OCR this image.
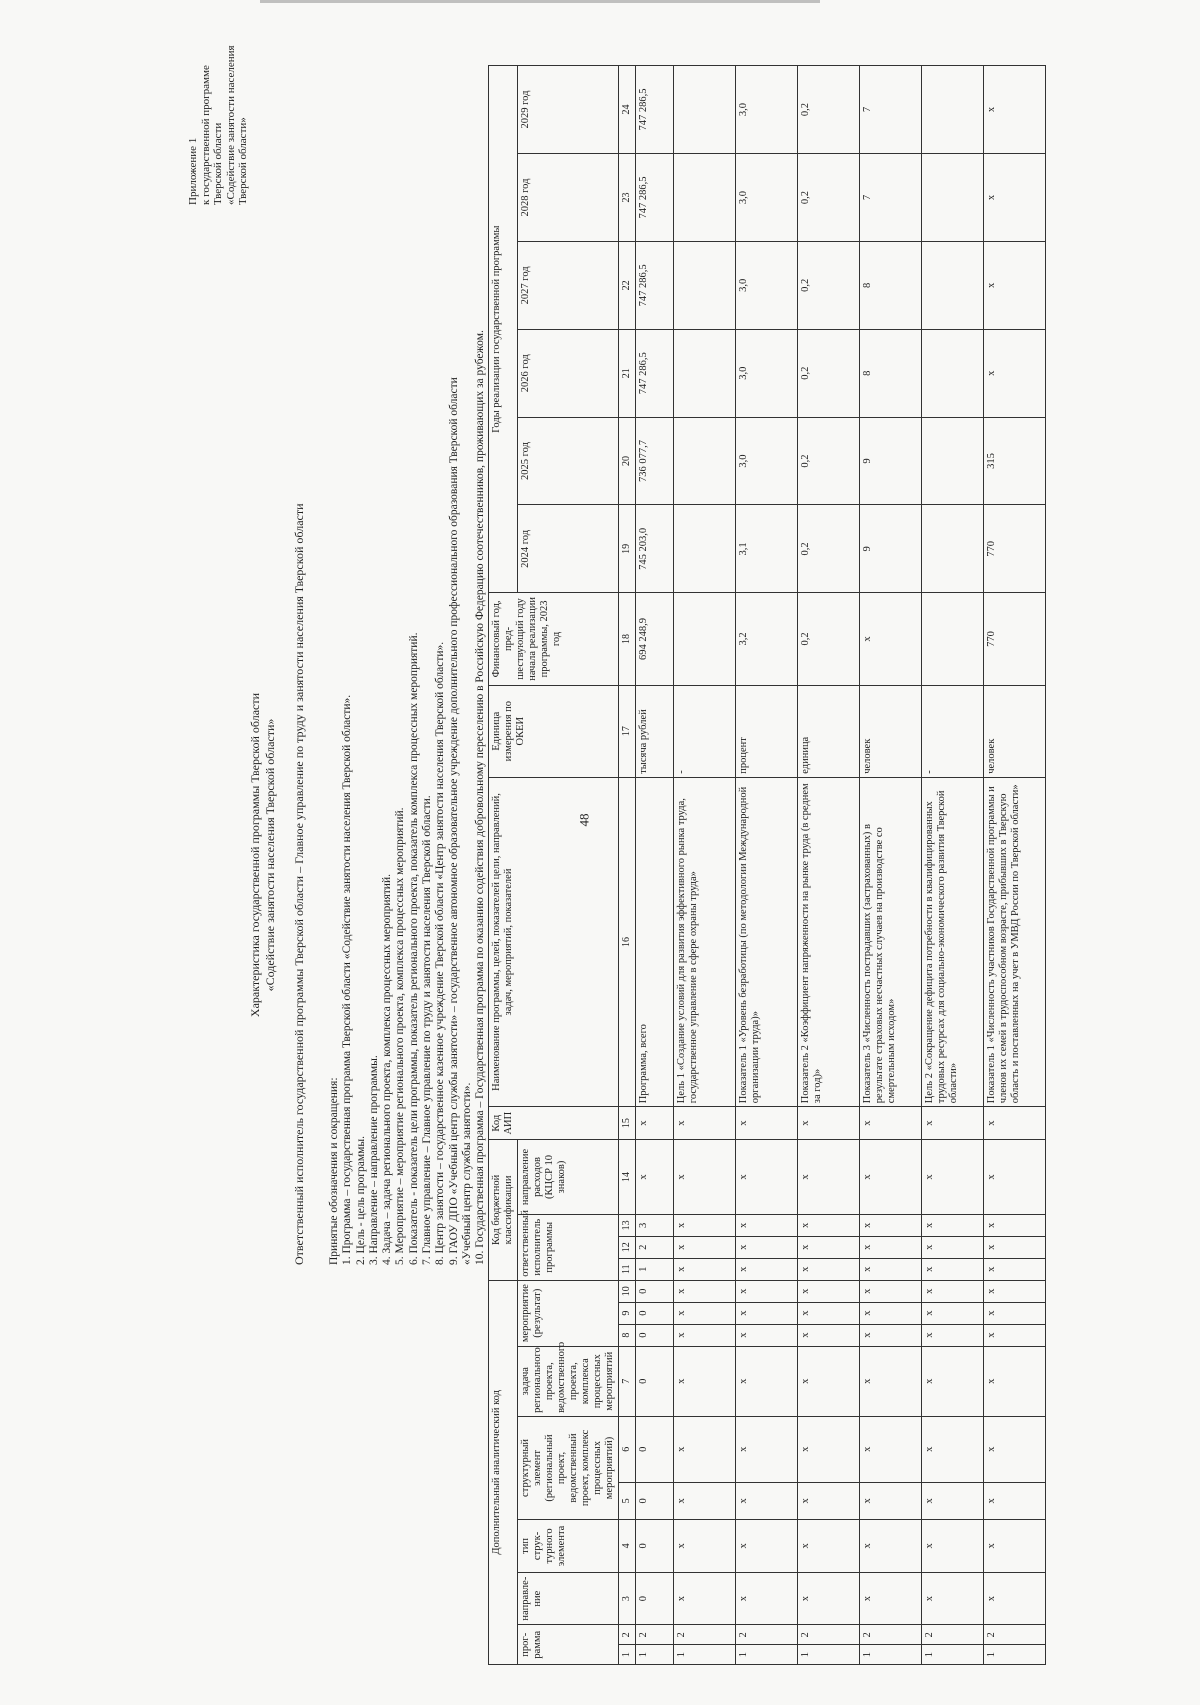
48
Приложение 1 к государственной программе Тверской области «Содействие занятости населения Тверской области»
Характеристика государственной программы Тверской области «Содействие занятости населения Тверской области» Ответственный исполнитель государственной программы Тверской области – Главное управление по труду и занятости населения Тверской области Принятые обозначения и сокращения: 1. Программа – государственная программа Тверской области «Содействие занятости населения Тверской области». 2. Цель - цель программы. 3. Направление – направление программы. 4. Задача – задача регионального проекта, комплекса процессных мероприятий. 5. Мероприятие – мероприятие регионального проекта, комплекса процессных мероприятий. 6. Показатель - показатель цели программы, показатель регионального проекта, показатель комплекса процессных мероприятий. 7. Главное управление – Главное управление по труду и занятости населения Тверской области. 8. Центр занятости – государственное казенное учреждение Тверской области «Центр занятости населения Тверской области». 9. ГАОУ ДПО «Учебный центр службы занятости» – государственное автономное образовательное учреждение дополнительного профессионального образования Тверской области «Учебный центр службы занятости». 10. Государственная программа – Государственная программа по оказанию содействия добровольному переселению в Российскую Федерацию соотечественников, проживающих за рубежом.
Дополнительный аналитический код										Код бюджетной классификации				Код АИП	Наименование программы, целей, показателей цели, направлений, задач, мероприятий, показателей	Единица измерения по ОКЕИ	Финансовый год, пред- шествующий году начала реализации программы, 2023 год	Годы реализации государственной программы					
прог- рамма		направле- ние	тип струк- турного элемента	структурный элемент (региональный проект, ведомственный проект, комплекс процессных мероприятий)		задача регионального проекта, ведомственного проекта, комплекса процессных мероприятий	мероприятие (результат)			ответственный исполнитель программы			направление расходов (КЦСР 10 знаков)					2024 год	2025 год	2026 год	2027 год	2028 год	2029 год

1	2	3	4	5	6	7	8	9	10	11	12	13	14	15	16	17	18	19	20	21	22	23	24
1	2	0	0	0	0	0	0	0	0	1	2	3	х	х	Программа, всего	тысяча рублей	694 248,9	745 203,0	736 077,7	747 286,5	747 286,5	747 286,5	747 286,5
1	2	х	х	х	х	х	х	х	х	х	х	х	х	х	Цель 1 «Создание условий для развития эффективного рынка труда, государственное управление в сфере охраны труда»	-							
1	2	х	х	х	х	х	х	х	х	х	х	х	х	х	Показатель 1 «Уровень безработицы (по методологии Международной организации труда)»	процент	3,2	3,1	3,0	3,0	3,0	3,0	3,0
1	2	х	х	х	х	х	х	х	х	х	х	х	х	х	Показатель 2 «Коэффициент напряженности на рынке труда (в среднем за год)»	единица	0,2	0,2	0,2	0,2	0,2	0,2	0,2
1	2	х	х	х	х	х	х	х	х	х	х	х	х	х	Показатель 3 «Численность пострадавших (застрахованных) в результате страховых несчастных случаев на производстве со смертельным исходом»	человек	х	9	9	8	8	7	7
1	2	х	х	х	х	х	х	х	х	х	х	х	х	х	Цель 2 «Сокращение дефицита потребности в квалифицированных трудовых ресурсах для социально-экономического развития Тверской области»	-							
1	2	х	х	х	х	х	х	х	х	х	х	х	х	х	Показатель 1 «Численность участников Государственной программы и членов их семей в трудоспособном возрасте, прибывших в Тверскую область и поставленных на учет в УМВД России по Тверской области»	человек	770	770	315	х	х	х	х
